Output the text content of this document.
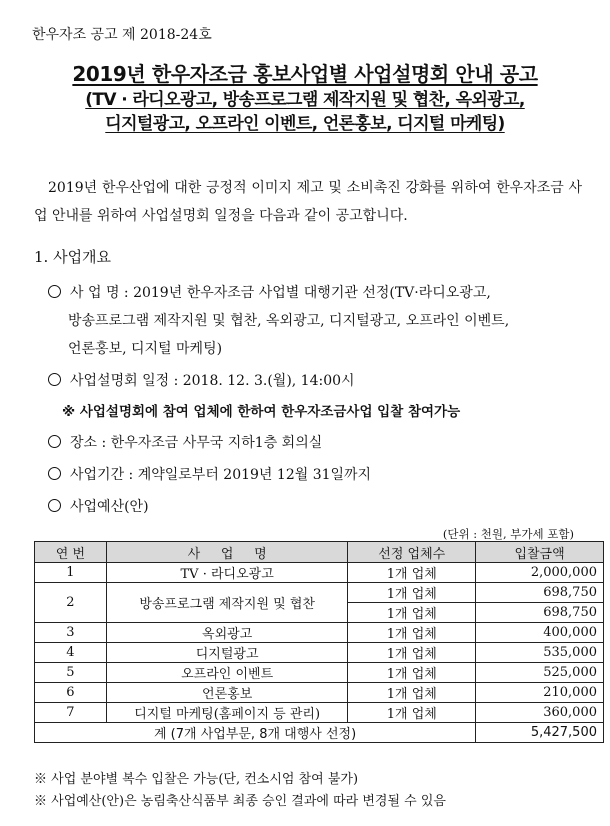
한우자조 공고 제 2018-24호
2019년 한우자조금 홍보사업별 사업설명회 안내 공고
(TV · 라디오광고, 방송프로그램 제작지원 및 협찬, 옥외광고,
디지털광고, 오프라인 이벤트, 언론홍보, 디지털 마케팅)
2019년 한우산업에 대한 긍정적 이미지 제고 및 소비촉진 강화를 위하여 한우자조금 사업 안내를 위하여 사업설명회 일정을 다음과 같이 공고합니다.
1. 사업개요
사 업 명 : 2019년 한우자조금 사업별 대행기관 선정(TV·라디오광고,
방송프로그램 제작지원 및 협찬, 옥외광고, 디지털광고, 오프라인 이벤트,
언론홍보, 디지털 마케팅)
사업설명회 일정 : 2018. 12. 3.(월), 14:00시
※ 사업설명회에 참여 업체에 한하여 한우자조금사업 입찰 참여가능
장소 : 한우자조금 사무국 지하1층 회의실
사업기간 : 계약일로부터 2019년 12월 31일까지
사업예산(안)
(단위 : 천원, 부가세 포함)
연 번	사     업     명	선정 업체수	입찰금액
1	TV · 라디오광고	1개 업체	2,000,000
2	방송프로그램 제작지원 및 협찬	1개 업체	698,750
		1개 업체	698,750
3	옥외광고	1개 업체	400,000
4	디지털광고	1개 업체	535,000
5	오프라인 이벤트	1개 업체	525,000
6	언론홍보	1개 업체	210,000
7	디지털 마케팅(홈페이지 등 관리)	1개 업체	360,000
계 (7개 사업부문, 8개 대행사 선정)			5,427,500
※ 사업 분야별 복수 입찰은 가능(단, 컨소시엄 참여 불가)
※ 사업예산(안)은 농림축산식품부 최종 승인 결과에 따라 변경될 수 있음
